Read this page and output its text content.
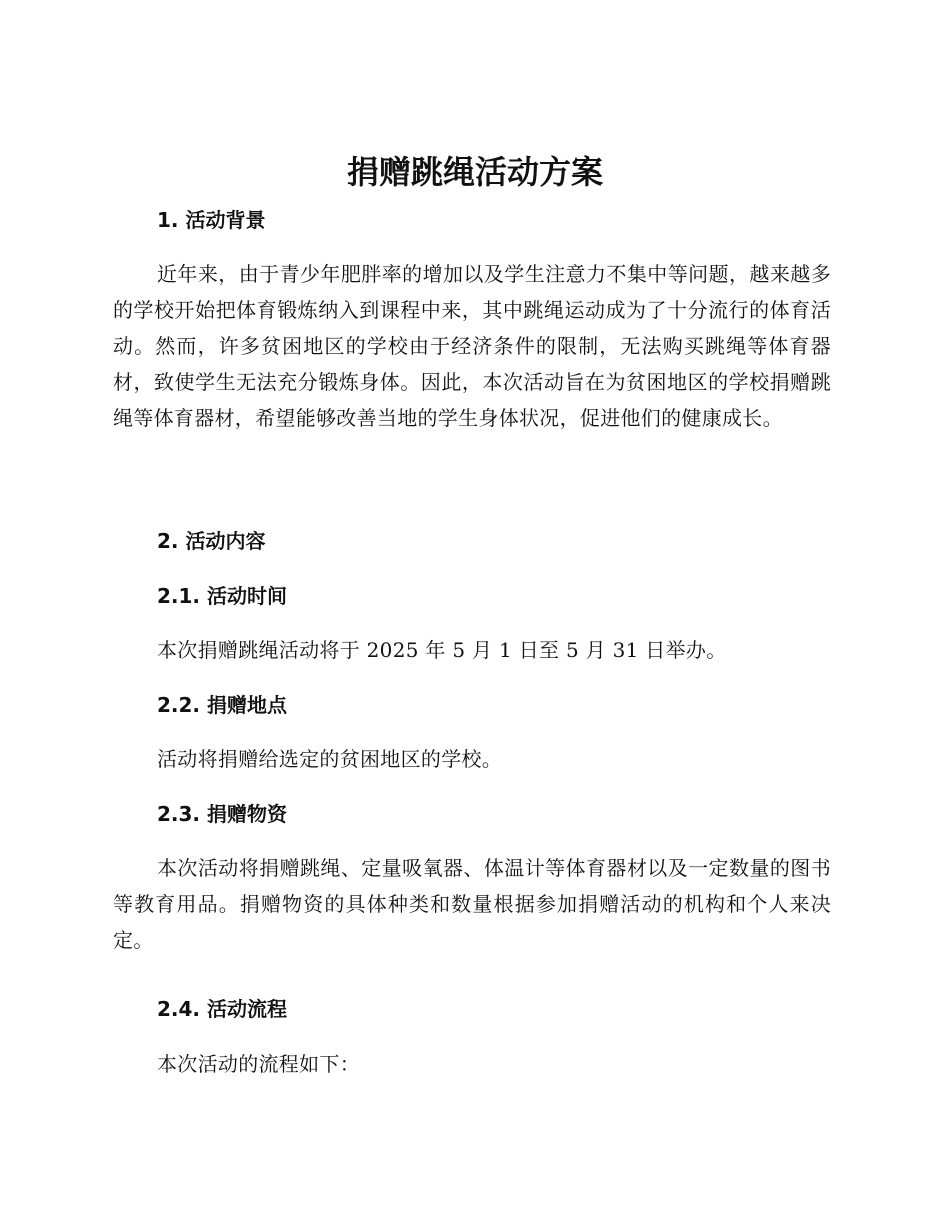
捐赠跳绳活动方案
1. 活动背景

近年来，由于青少年肥胖率的增加以及学生注意力不集中等问题，越来越多的学校开始把体育锻炼纳入到课程中来，其中跳绳运动成为了十分流行的体育活动。然而，许多贫困地区的学校由于经济条件的限制，无法购买跳绳等体育器材，致使学生无法充分锻炼身体。因此，本次活动旨在为贫困地区的学校捐赠跳绳等体育器材，希望能够改善当地的学生身体状况，促进他们的健康成长。

2. 活动内容
2.1. 活动时间

本次捐赠跳绳活动将于 2025 年 5 月 1 日至 5 月 31 日举办。

2.2. 捐赠地点

活动将捐赠给选定的贫困地区的学校。

2.3. 捐赠物资

本次活动将捐赠跳绳、定量吸氧器、体温计等体育器材以及一定数量的图书等教育用品。捐赠物资的具体种类和数量根据参加捐赠活动的机构和个人来决定。

2.4. 活动流程

本次活动的流程如下：
